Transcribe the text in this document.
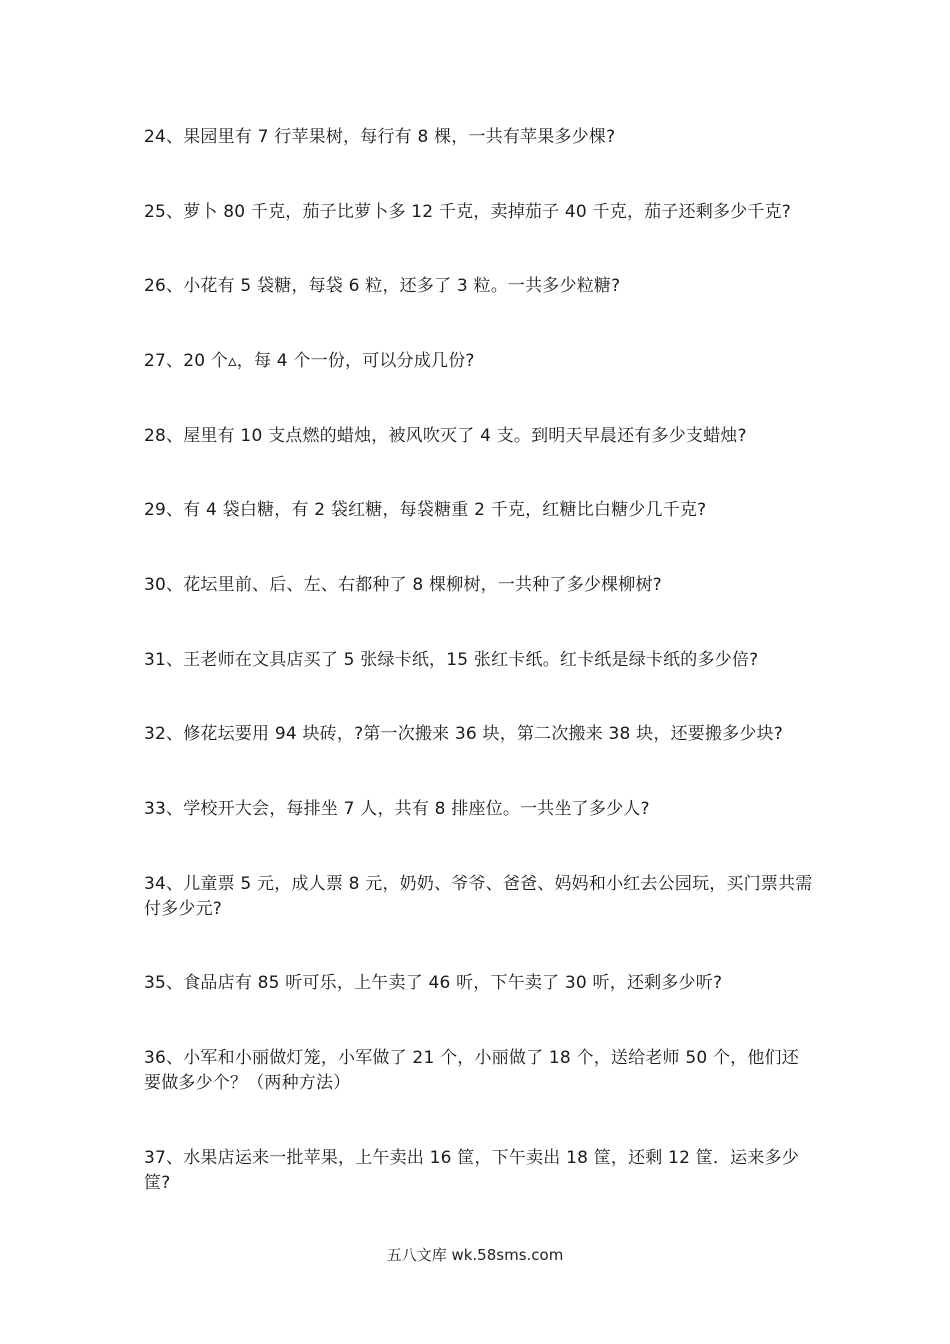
24、果园里有 7 行苹果树，每行有 8 棵，一共有苹果多少棵?
25、萝卜 80 千克，茄子比萝卜多 12 千克，卖掉茄子 40 千克，茄子还剩多少千克?
26、小花有 5 袋糖，每袋 6 粒，还多了 3 粒。一共多少粒糖?
27、20 个▵，每 4 个一份，可以分成几份?
28、屋里有 10 支点燃的蜡烛，被风吹灭了 4 支。到明天早晨还有多少支蜡烛?
29、有 4 袋白糖，有 2 袋红糖，每袋糖重 2 千克，红糖比白糖少几千克?
30、花坛里前、后、左、右都种了 8 棵柳树，一共种了多少棵柳树?
31、王老师在文具店买了 5 张绿卡纸，15 张红卡纸。红卡纸是绿卡纸的多少倍?
32、修花坛要用 94 块砖，?第一次搬来 36 块，第二次搬来 38 块，还要搬多少块?
33、学校开大会，每排坐 7 人，共有 8 排座位。一共坐了多少人?
34、儿童票 5 元，成人票 8 元，奶奶、爷爷、爸爸、妈妈和小红去公园玩，买门票共需付多少元?
35、食品店有 85 听可乐，上午卖了 46 听，下午卖了 30 听，还剩多少听?
36、小军和小丽做灯笼，小军做了 21 个，小丽做了 18 个，送给老师 50 个，他们还要做多少个？（两种方法）
37、水果店运来一批苹果，上午卖出 16 筐，下午卖出 18 筐，还剩 12 筐．运来多少筐?
五八文库 wk.58sms.com
